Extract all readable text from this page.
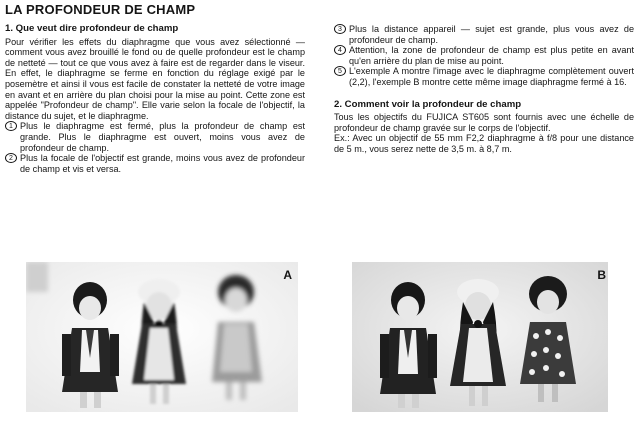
LA PROFONDEUR DE CHAMP
1. Que veut dire profondeur de champ

Pour vérifier les effets du diaphragme que vous avez sélectionné — comment vous avez brouillé le fond ou de quelle profondeur est le champ de netteté — tout ce que vous avez à faire est de regarder dans le viseur. En effet, le diaphragme se ferme en fonction du réglage exigé par le posemètre et ainsi il vous est facile de constater la netteté de votre image en avant et en arrière du plan choisi pour la mise au point. Cette zone est appelée "Profondeur de champ". Elle varie selon la focale de l'objectif, la distance du sujet, et le diaphragme.

1 Plus le diaphragme est fermé, plus la profondeur de champ est grande. Plus le diaphragme est ouvert, moins vous avez de profondeur de champ.
2 Plus la focale de l'objectif est grande, moins vous avez de profondeur de champ et vis et versa.
3 Plus la distance appareil — sujet est grande, plus vous avez de profondeur de champ.
4 Attention, la zone de profondeur de champ est plus petite en avant qu'en arrière du plan de mise au point.
5 L'exemple A montre l'image avec le diaphragme complètement ouvert (2,2), l'exemple B montre cette même image diaphragme fermé à 16.
2. Comment voir la profondeur de champ

Tous les objectifs du FUJICA ST605 sont fournis avec une échelle de profondeur de champ gravée sur le corps de l'objectif.

Ex.: Avec un objectif de 55 mm F2,2 diaphragme à f/8 pour une distance de 5 m., vous serez nette de 3,5 m. à 8,7 m.

A	B
